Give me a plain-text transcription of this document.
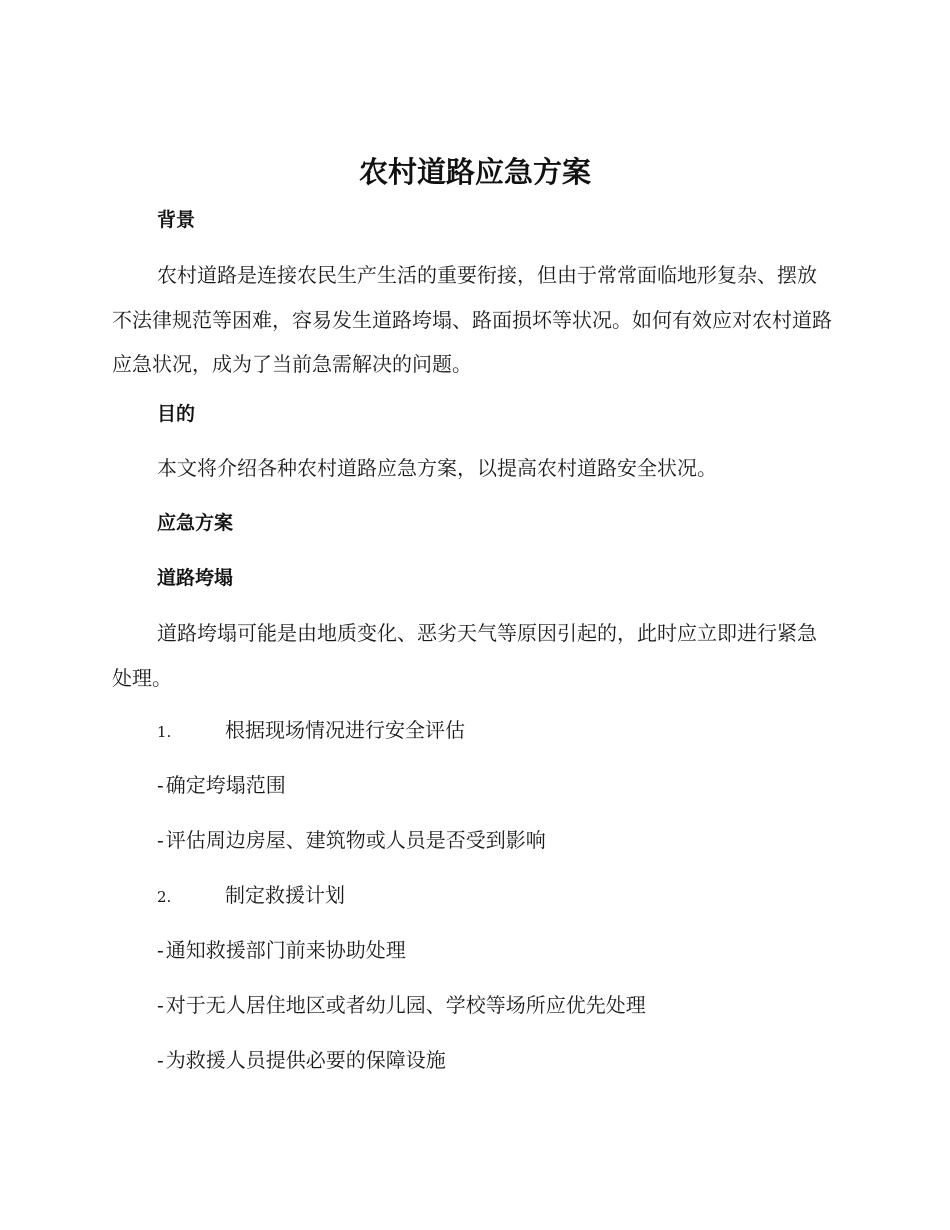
农村道路应急方案
背景
农村道路是连接农民生产生活的重要衔接，但由于常常面临地形复杂、摆放不法律规范等困难，容易发生道路垮塌、路面损坏等状况。如何有效应对农村道路应急状况，成为了当前急需解决的问题。
目的
本文将介绍各种农村道路应急方案，以提高农村道路安全状况。
应急方案
道路垮塌
道路垮塌可能是由地质变化、恶劣天气等原因引起的，此时应立即进行紧急处理。
1.	根据现场情况进行安全评估
- 确定垮塌范围
- 评估周边房屋、建筑物或人员是否受到影响
2.	制定救援计划
- 通知救援部门前来协助处理
- 对于无人居住地区或者幼儿园、学校等场所应优先处理
- 为救援人员提供必要的保障设施
